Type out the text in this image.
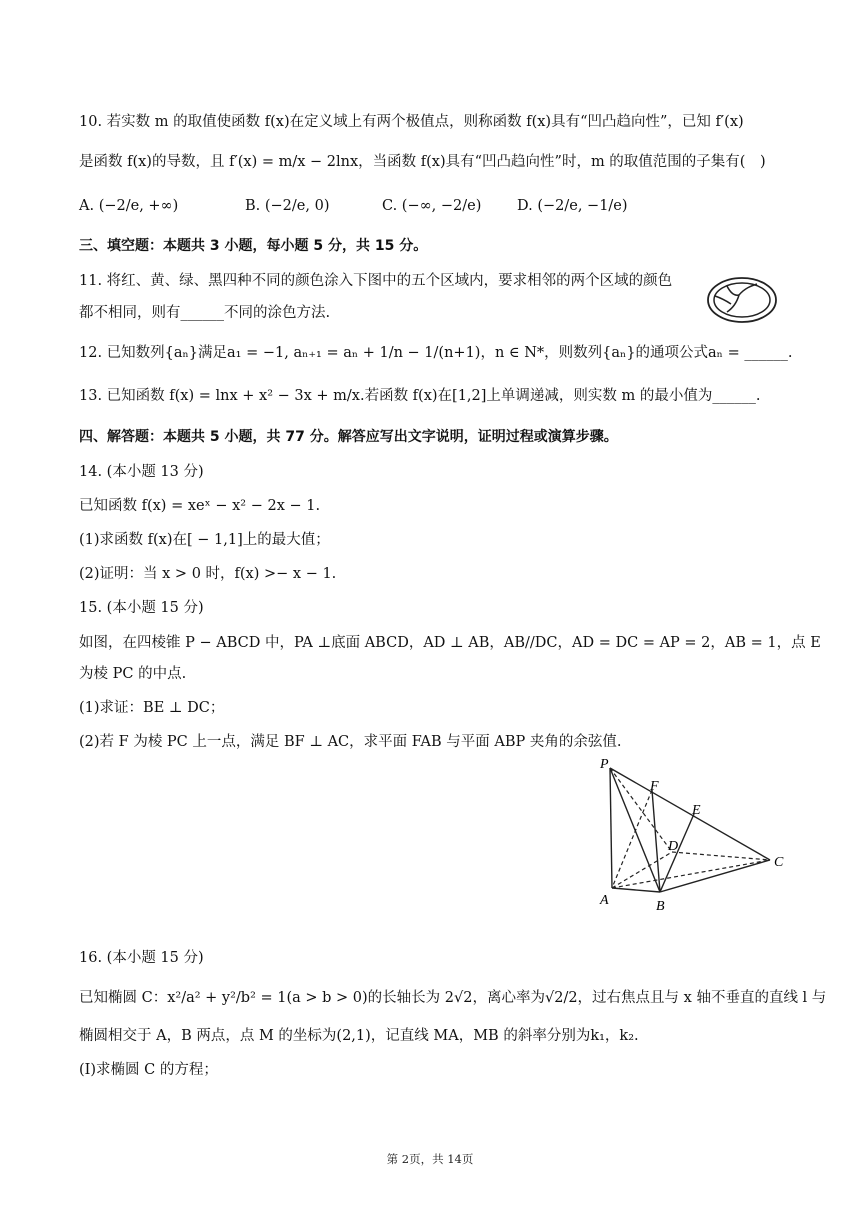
10. 若实数 m 的取值使函数 f(x)在定义域上有两个极值点，则称函数 f(x)具有“凹凸趋向性”，已知 f′(x)
是函数 f(x)的导数，且 f′(x) = m/x − 2lnx，当函数 f(x)具有“凹凸趋向性”时，m 的取值范围的子集有(　)
A. (−2/e, +∞)	B. (−2/e, 0)	C. (−∞, −2/e) D. (−2/e, −1/e)
三、填空题：本题共 3 小题，每小题 5 分，共 15 分。
11. 将红、黄、绿、黑四种不同的颜色涂入下图中的五个区域内，要求相邻的两个区域的颜色
都不相同，则有______不同的涂色方法.
12. 已知数列{aₙ}满足a₁ = −1, aₙ₊₁ = aₙ + 1/n − 1/(n+1)，n ∈ N*，则数列{aₙ}的通项公式aₙ = ______.
13. 已知函数 f(x) = lnx + x² − 3x + m/x.若函数 f(x)在[1,2]上单调递减，则实数 m 的最小值为______.
四、解答题：本题共 5 小题，共 77 分。解答应写出文字说明，证明过程或演算步骤。
14. (本小题 13 分)
已知函数 f(x) = xeˣ − x² − 2x − 1.
(1)求函数 f(x)在[ − 1,1]上的最大值；
(2)证明：当 x > 0 时，f(x) >− x − 1.
15. (本小题 15 分)
如图，在四棱锥 P − ABCD 中，PA ⊥底面 ABCD，AD ⊥ AB，AB//DC，AD = DC = AP = 2，AB = 1，点 E
为棱 PC 的中点.
(1)求证：BE ⊥ DC；
(2)若 F 为棱 PC 上一点，满足 BF ⊥ AC，求平面 FAB 与平面 ABP 夹角的余弦值.
P
F
E
D
C
A	B
16. (本小题 15 分)
已知椭圆 C：x²/a² + y²/b² = 1(a > b > 0)的长轴长为 2√2，离心率为√2/2，过右焦点且与 x 轴不垂直的直线 l 与
椭圆相交于 A，B 两点，点 M 的坐标为(2,1)，记直线 MA，MB 的斜率分别为k₁，k₂.
(Ⅰ)求椭圆 C 的方程；
第 2页，共 14页
